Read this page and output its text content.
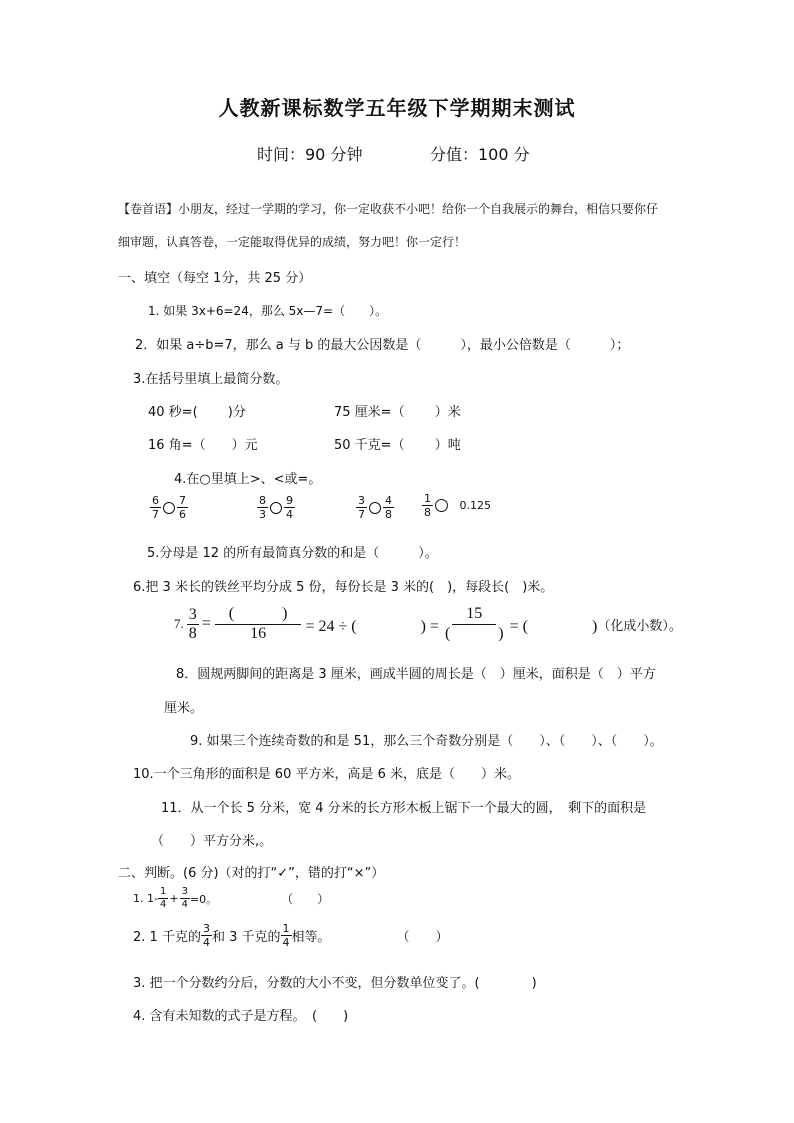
人教新课标数学五年级下学期期末测试
时间：90 分钟	分值：100 分
【卷首语】小朋友，经过一学期的学习，你一定收获不小吧！给你一个自我展示的舞台，相信只要你仔
细审题，认真答卷，一定能取得优异的成绩，努力吧！你一定行！
一、填空（每空 1分，共 25 分）
1. 如果 3x+6=24，那么 5x—7=（　　）。
2．如果 a÷b=7，那么 a 与 b 的最大公因数是（　　　），最小公倍数是（　　　）；
3.在括号里填上最简分数。
40 秒=(　　 )分	75 厘米=（　　 ）米
16 角=（　　）元	50 千克=（　　 ）吨
4.在○里填上>、<或=。
$\frac{6}{7} \frac{7}{6}$	$\frac{8}{3} \frac{9}{4}$	$\frac{3}{7} \frac{4}{8}$	$\frac{1}{8} 0.125$
5.分母是 12 的所有最简真分数的和是（　　　）。
6.把 3 米长的铁丝平均分成 5 份，每份长是 3 米的(　)，每段长(　)米。
7. $\frac{3}{8} = \frac{( )}{16} = 24$ ÷ (　　　　) = $\frac{15}{( )}$ = (　　　　) （化成小数）。
8．圆规两脚间的距离是 3 厘米，画成半圆的周长是（　）厘米，面积是（　）平方
厘米。
9. 如果三个连续奇数的和是 51，那么三个奇数分别是（　　）、（　　）、（　　）。
10.一个三角形的面积是 60 平方米，高是 6 米，底是（　　）米。
11．从一个长 5 分米，宽 4 分米的长方形木板上锯下一个最大的圆，　剩下的面积是
（　　）平方分米,。
二、判断。(6 分)（对的打“✓”，错的打“×”）
1. $1- \frac{1}{4} + \frac{3}{4} =0$。	（　　）
2. 1 千克的 $\frac{3}{4}$ 和 3 千克的 $\frac{1}{4}$ 相等。	（　　）
3. 把一个分数约分后，分数的大小不变，但分数单位变了。(　　　　)
4. 含有未知数的式子是方程。　(　　)
